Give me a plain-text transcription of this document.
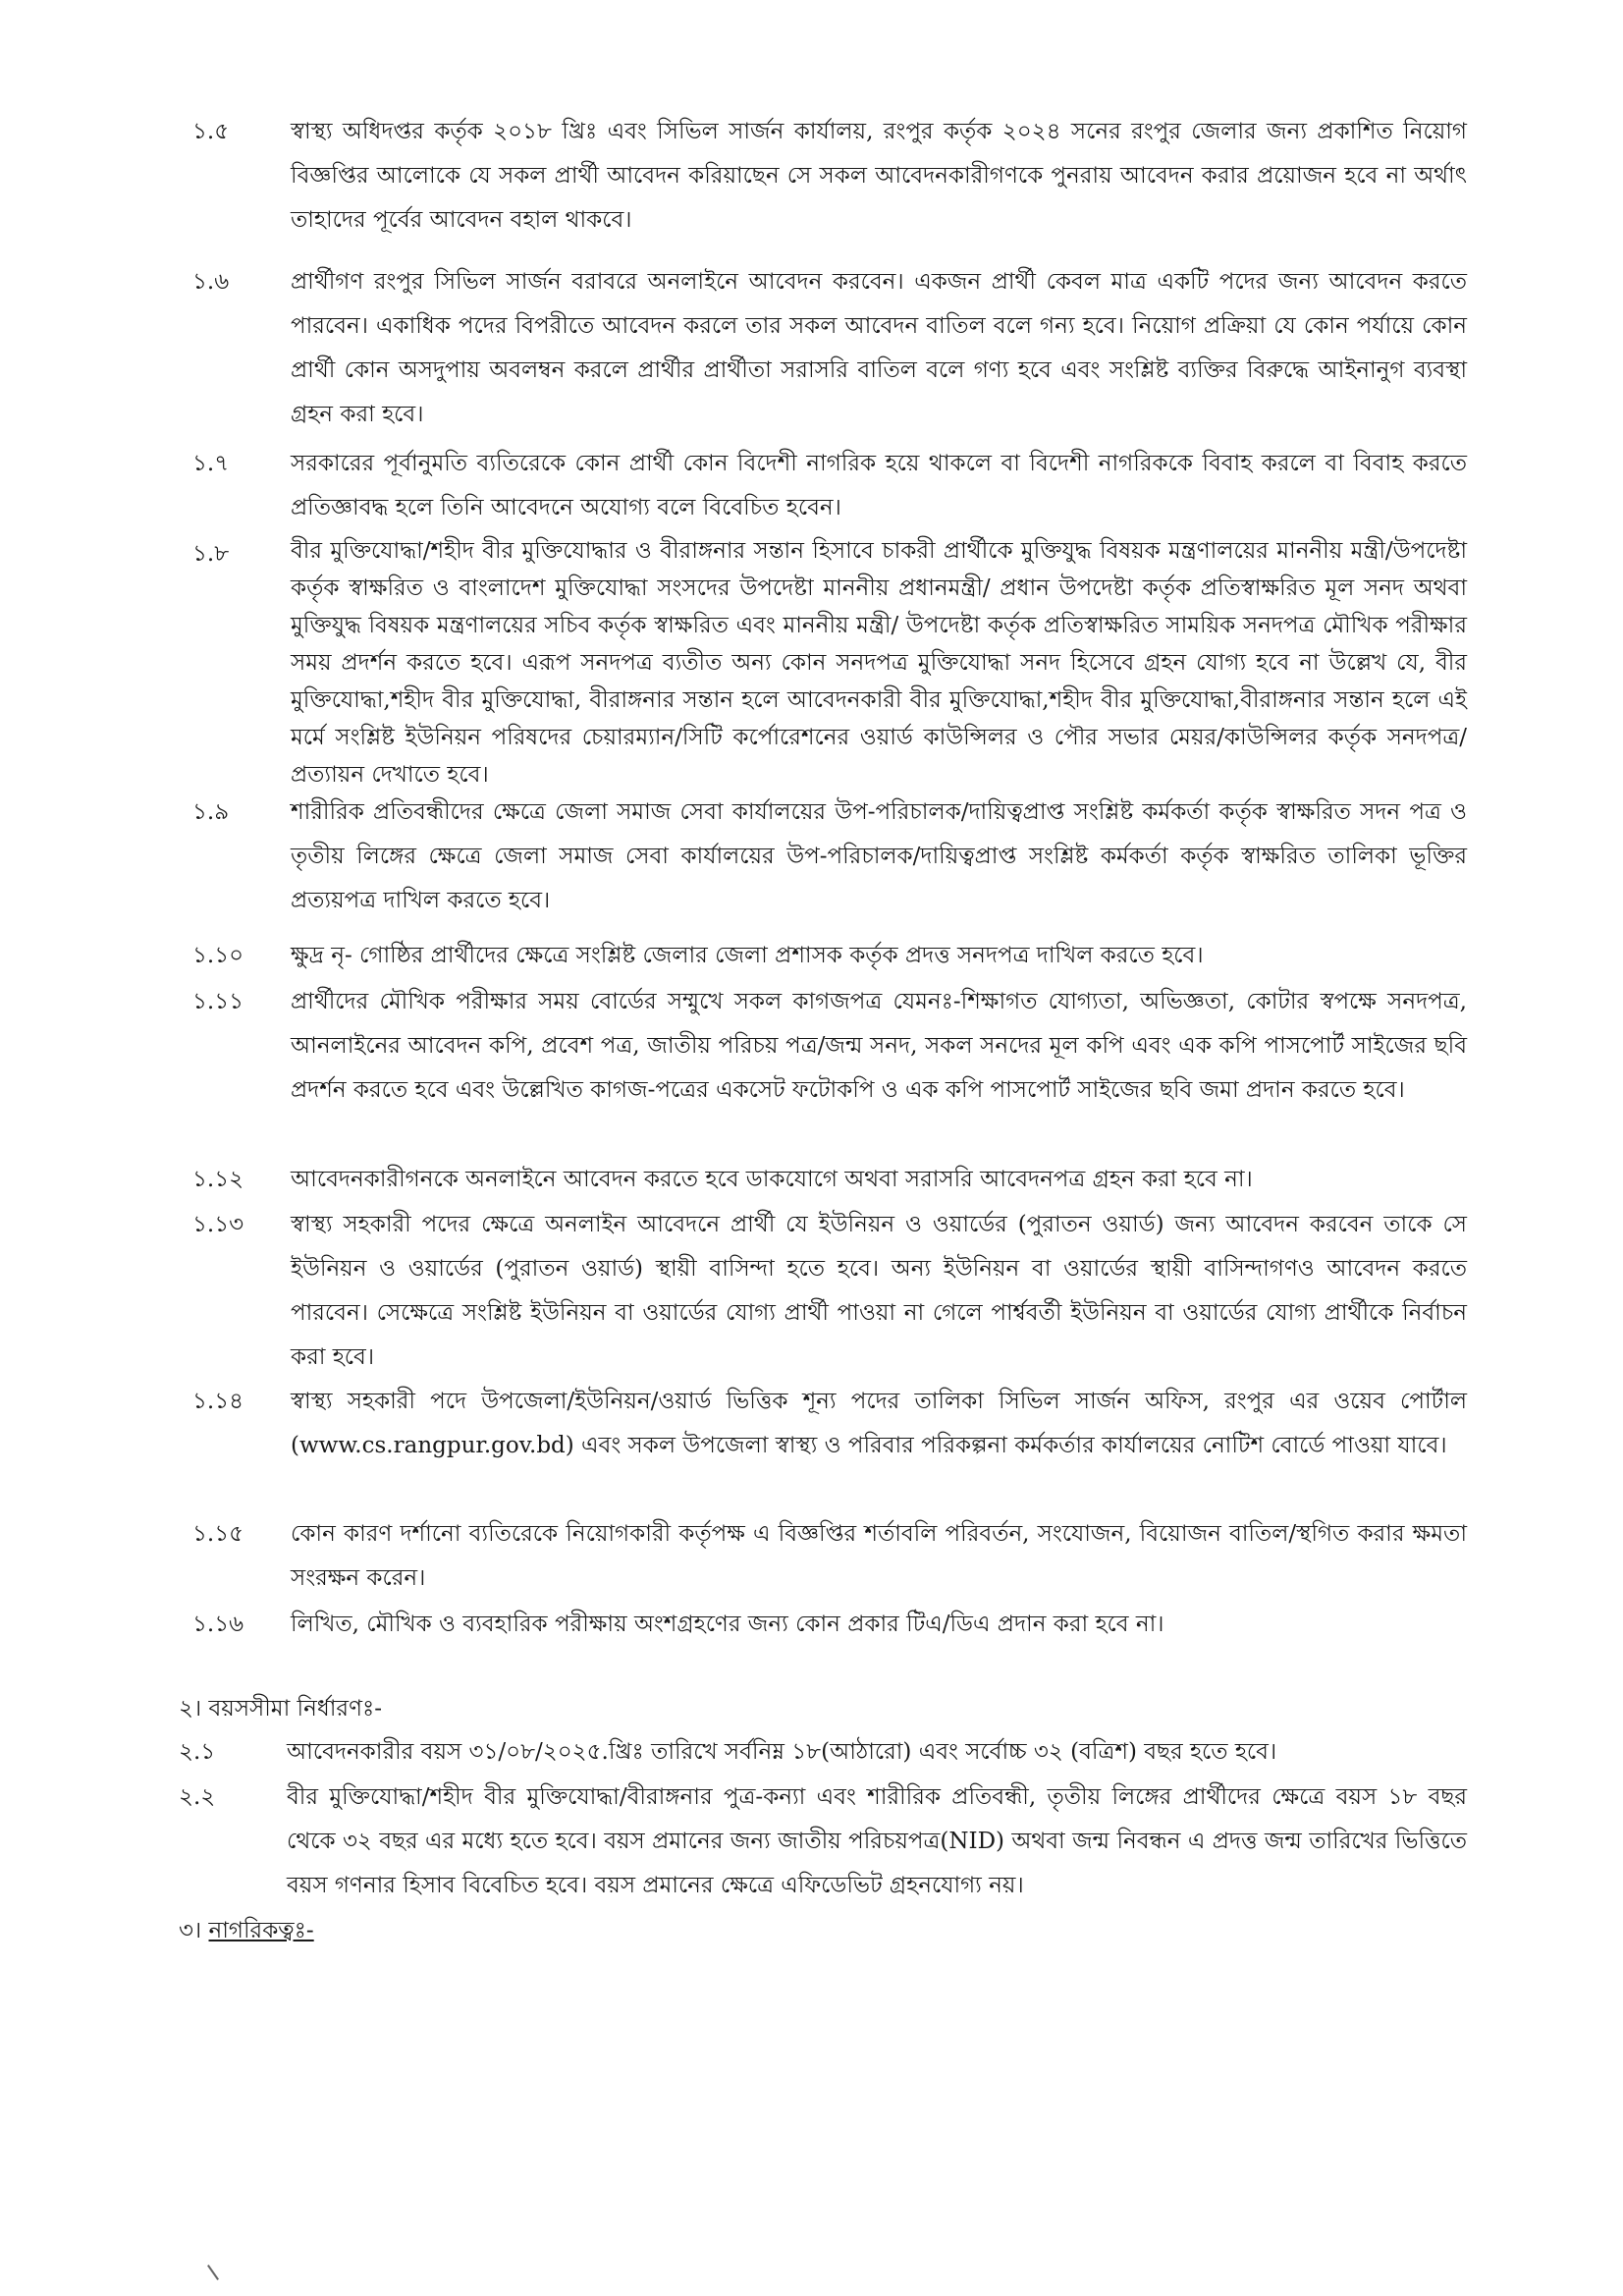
১.৫	স্বাস্থ্য অধিদপ্তর কর্তৃক ২০১৮ খ্রিঃ এবং সিভিল সার্জন কার্যালয়, রংপুর কর্তৃক ২০২৪ সনের রংপুর জেলার জন্য প্রকাশিত নিয়োগ বিজ্ঞপ্তির আলোকে যে সকল প্রার্থী আবেদন করিয়াছেন সে সকল আবেদনকারীগণকে পুনরায় আবেদন করার প্রয়োজন হবে না অর্থাৎ তাহাদের পূর্বের আবেদন বহাল থাকবে।
১.৬	প্রার্থীগণ রংপুর সিভিল সার্জন বরাবরে অনলাইনে আবেদন করবেন। একজন প্রার্থী কেবল মাত্র একটি পদের জন্য আবেদন করতে পারবেন। একাধিক পদের বিপরীতে আবেদন করলে তার সকল আবেদন বাতিল বলে গন্য হবে। নিয়োগ প্রক্রিয়া যে কোন পর্যায়ে কোন প্রার্থী কোন অসদুপায় অবলম্বন করলে প্রার্থীর প্রার্থীতা সরাসরি বাতিল বলে গণ্য হবে এবং সংশ্লিষ্ট ব্যক্তির বিরুদ্ধে আইনানুগ ব্যবস্থা গ্রহন করা হবে।
১.৭	সরকারের পূর্বানুমতি ব্যতিরেকে কোন প্রার্থী কোন বিদেশী নাগরিক হয়ে থাকলে বা বিদেশী নাগরিককে বিবাহ করলে বা বিবাহ করতে প্রতিজ্ঞাবদ্ধ হলে তিনি আবেদনে অযোগ্য বলে বিবেচিত হবেন।
১.৮	বীর মুক্তিযোদ্ধা/শহীদ বীর মুক্তিযোদ্ধার ও বীরাঙ্গনার সন্তান হিসাবে চাকরী প্রার্থীকে মুক্তিযুদ্ধ বিষয়ক মন্ত্রণালয়ের মাননীয় মন্ত্রী/উপদেষ্টা কর্তৃক স্বাক্ষরিত ও বাংলাদেশ মুক্তিযোদ্ধা সংসদের উপদেষ্টা মাননীয় প্রধানমন্ত্রী/ প্রধান উপদেষ্টা কর্তৃক প্রতিস্বাক্ষরিত মূল সনদ অথবা মুক্তিযুদ্ধ বিষয়ক মন্ত্রণালয়ের সচিব কর্তৃক স্বাক্ষরিত এবং মাননীয় মন্ত্রী/ উপদেষ্টা কর্তৃক প্রতিস্বাক্ষরিত সাময়িক সনদপত্র মৌখিক পরীক্ষার সময় প্রদর্শন করতে হবে। এরূপ সনদপত্র ব্যতীত অন্য কোন সনদপত্র মুক্তিযোদ্ধা সনদ হিসেবে গ্রহন যোগ্য হবে না উল্লেখ যে, বীর মুক্তিযোদ্ধা,শহীদ বীর মুক্তিযোদ্ধা, বীরাঙ্গনার সন্তান হলে আবেদনকারী বীর মুক্তিযোদ্ধা,শহীদ বীর মুক্তিযোদ্ধা,বীরাঙ্গনার সন্তান হলে এই মর্মে সংশ্লিষ্ট ইউনিয়ন পরিষদের চেয়ারম্যান/সিটি কর্পোরেশনের ওয়ার্ড কাউন্সিলর ও পৌর সভার মেয়র/কাউন্সিলর কর্তৃক সনদপত্র/প্রত্যায়ন দেখাতে হবে।
১.৯	শারীরিক প্রতিবন্ধীদের ক্ষেত্রে জেলা সমাজ সেবা কার্যালয়ের উপ-পরিচালক/দায়িত্বপ্রাপ্ত সংশ্লিষ্ট কর্মকর্তা কর্তৃক স্বাক্ষরিত সদন পত্র ও তৃতীয় লিঙ্গের ক্ষেত্রে জেলা সমাজ সেবা কার্যালয়ের উপ-পরিচালক/দায়িত্বপ্রাপ্ত সংশ্লিষ্ট কর্মকর্তা কর্তৃক স্বাক্ষরিত তালিকা ভূক্তির প্রত্যয়পত্র দাখিল করতে হবে।
১.১০ ক্ষুদ্র নৃ- গোষ্ঠির প্রার্থীদের ক্ষেত্রে সংশ্লিষ্ট জেলার জেলা প্রশাসক কর্তৃক প্রদত্ত সনদপত্র দাখিল করতে হবে।
১.১১ প্রার্থীদের মৌখিক পরীক্ষার সময় বোর্ডের সম্মুখে সকল কাগজপত্র যেমনঃ-শিক্ষাগত যোগ্যতা, অভিজ্ঞতা, কোটার স্বপক্ষে সনদপত্র, আনলাইনের আবেদন কপি, প্রবেশ পত্র, জাতীয় পরিচয় পত্র/জন্ম সনদ, সকল সনদের মূল কপি এবং এক কপি পাসপোর্ট সাইজের ছবি প্রদর্শন করতে হবে এবং উল্লেখিত কাগজ-পত্রের একসেট ফটোকপি ও এক কপি পাসপোর্ট সাইজের ছবি জমা প্রদান করতে হবে।
১.১২ আবেদনকারীগনকে অনলাইনে আবেদন করতে হবে ডাকযোগে অথবা সরাসরি আবেদনপত্র গ্রহন করা হবে না।
১.১৩ স্বাস্থ্য সহকারী পদের ক্ষেত্রে অনলাইন আবেদনে প্রার্থী যে ইউনিয়ন ও ওয়ার্ডের (পুরাতন ওয়ার্ড) জন্য আবেদন করবেন তাকে সে ইউনিয়ন ও ওয়ার্ডের (পুরাতন ওয়ার্ড) স্থায়ী বাসিন্দা হতে হবে। অন্য ইউনিয়ন বা ওয়ার্ডের স্থায়ী বাসিন্দাগণও আবেদন করতে পারবেন। সেক্ষেত্রে সংশ্লিষ্ট ইউনিয়ন বা ওয়ার্ডের যোগ্য প্রার্থী পাওয়া না গেলে পার্শ্ববর্তী ইউনিয়ন বা ওয়ার্ডের যোগ্য প্রার্থীকে নির্বাচন করা হবে।
১.১৪ স্বাস্থ্য সহকারী পদে উপজেলা/ইউনিয়ন/ওয়ার্ড ভিত্তিক শূন্য পদের তালিকা সিভিল সার্জন অফিস, রংপুর এর ওয়েব পোর্টাল (www.cs.rangpur.gov.bd) এবং সকল উপজেলা স্বাস্থ্য ও পরিবার পরিকল্পনা কর্মকর্তার কার্যালয়ের নোটিশ বোর্ডে পাওয়া যাবে।
১.১৫ কোন কারণ দর্শানো ব্যতিরেকে নিয়োগকারী কর্তৃপক্ষ এ বিজ্ঞপ্তির শর্তাবলি পরিবর্তন, সংযোজন, বিয়োজন বাতিল/স্থগিত করার ক্ষমতা সংরক্ষন করেন।
১.১৬ লিখিত, মৌখিক ও ব্যবহারিক পরীক্ষায় অংশগ্রহণের জন্য কোন প্রকার টিএ/ডিএ প্রদান করা হবে না।
২। বয়সসীমা নির্ধারণঃ-
২.১	আবেদনকারীর বয়স ৩১/০৮/২০২৫.খ্রিঃ তারিখে সর্বনিম্ন ১৮(আঠারো) এবং সর্বোচ্চ ৩২ (বত্রিশ) বছর হতে হবে।
২.২	বীর মুক্তিযোদ্ধা/শহীদ বীর মুক্তিযোদ্ধা/বীরাঙ্গনার পুত্র-কন্যা এবং শারীরিক প্রতিবন্ধী, তৃতীয় লিঙ্গের প্রার্থীদের ক্ষেত্রে বয়স ১৮ বছর থেকে ৩২ বছর এর মধ্যে হতে হবে। বয়স প্রমানের জন্য জাতীয় পরিচয়পত্র(NID) অথবা জন্ম নিবন্ধন এ প্রদত্ত জন্ম তারিখের ভিত্তিতে বয়স গণনার হিসাব বিবেচিত হবে। বয়স প্রমানের ক্ষেত্রে এফিডেভিট গ্রহনযোগ্য নয়।
৩। নাগরিকত্বঃ-
